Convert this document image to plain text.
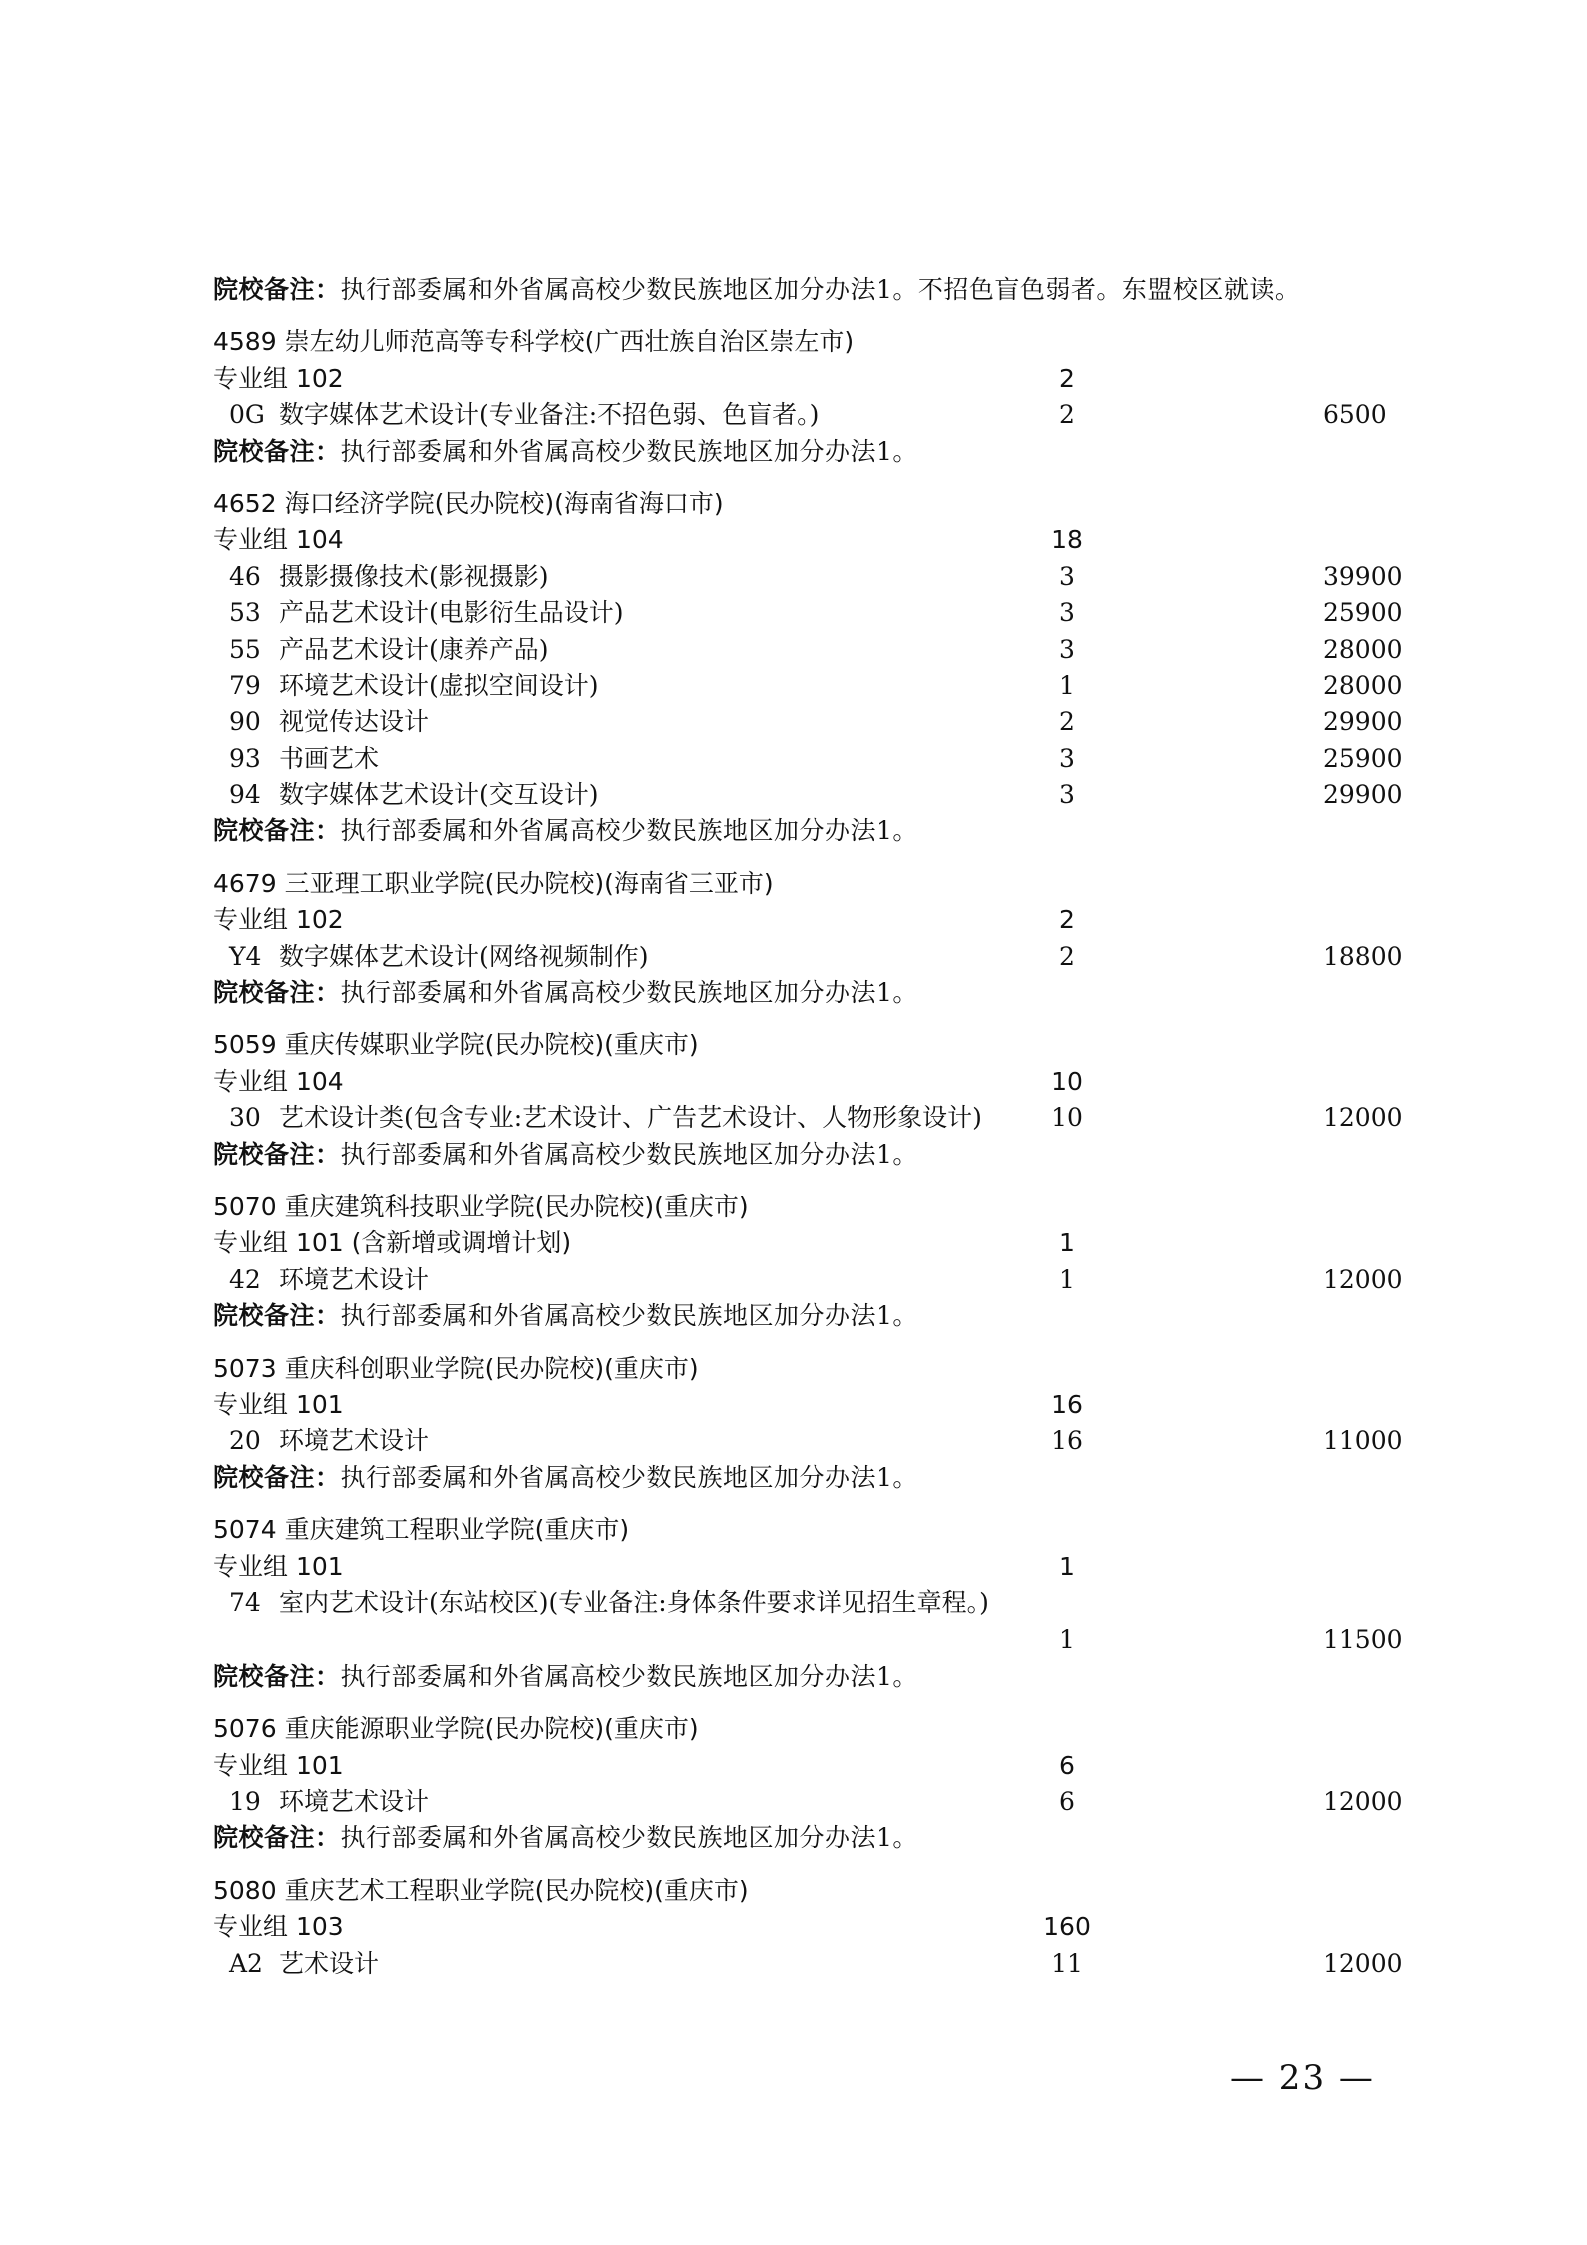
院校备注：执行部委属和外省属高校少数民族地区加分办法1。不招色盲色弱者。东盟校区就读。
4589 崇左幼儿师范高等专科学校(广西壮族自治区崇左市)
专业组 102	2
0G 数字媒体艺术设计(专业备注:不招色弱、色盲者。)	2	6500
院校备注：执行部委属和外省属高校少数民族地区加分办法1。
4652 海口经济学院(民办院校)(海南省海口市)
专业组 104	18
46 摄影摄像技术(影视摄影)	3	39900
53 产品艺术设计(电影衍生品设计)	3	25900
55 产品艺术设计(康养产品)	3	28000
79 环境艺术设计(虚拟空间设计)	1	28000
90 视觉传达设计	2	29900
93 书画艺术	3	25900
94 数字媒体艺术设计(交互设计)	3	29900
院校备注：执行部委属和外省属高校少数民族地区加分办法1。
4679 三亚理工职业学院(民办院校)(海南省三亚市)
专业组 102	2
Y4 数字媒体艺术设计(网络视频制作)	2	18800
院校备注：执行部委属和外省属高校少数民族地区加分办法1。
5059 重庆传媒职业学院(民办院校)(重庆市)
专业组 104	10
30 艺术设计类(包含专业:艺术设计、广告艺术设计、人物形象设计)	10	12000
院校备注：执行部委属和外省属高校少数民族地区加分办法1。
5070 重庆建筑科技职业学院(民办院校)(重庆市)
专业组 101 (含新增或调增计划)	1
42 环境艺术设计	1	12000
院校备注：执行部委属和外省属高校少数民族地区加分办法1。
5073 重庆科创职业学院(民办院校)(重庆市)
专业组 101	16
20 环境艺术设计	16	11000
院校备注：执行部委属和外省属高校少数民族地区加分办法1。
5074 重庆建筑工程职业学院(重庆市)
专业组 101	1
74 室内艺术设计(东站校区)(专业备注:身体条件要求详见招生章程。)
1	11500
院校备注：执行部委属和外省属高校少数民族地区加分办法1。
5076 重庆能源职业学院(民办院校)(重庆市)
专业组 101	6
19 环境艺术设计	6	12000
院校备注：执行部委属和外省属高校少数民族地区加分办法1。
5080 重庆艺术工程职业学院(民办院校)(重庆市)
专业组 103	160
A2 艺术设计	11	12000
— 23 —
